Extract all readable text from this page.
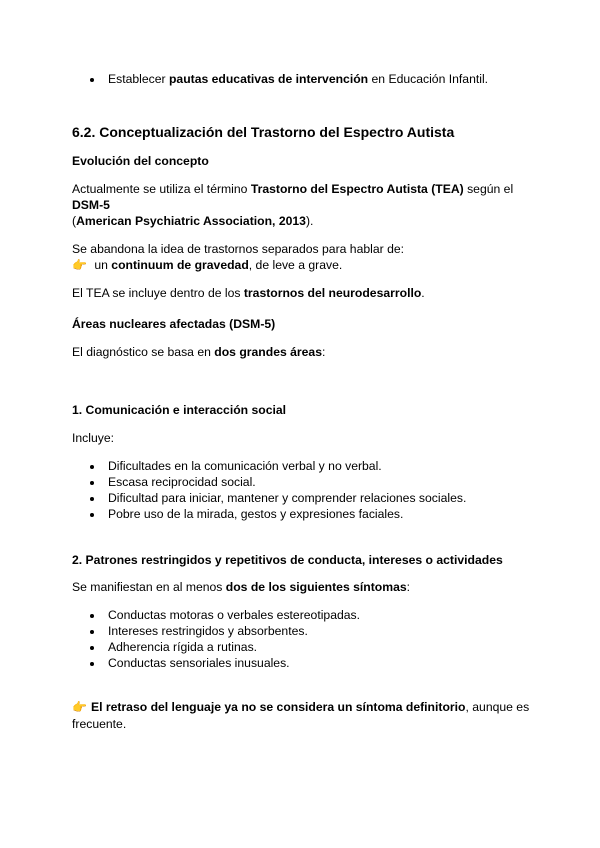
Establecer pautas educativas de intervención en Educación Infantil.
6.2. Conceptualización del Trastorno del Espectro Autista
Evolución del concepto
Actualmente se utiliza el término Trastorno del Espectro Autista (TEA) según el
DSM-5
(American Psychiatric Association, 2013).
Se abandona la idea de trastornos separados para hablar de:
👉 un continuum de gravedad, de leve a grave.
El TEA se incluye dentro de los trastornos del neurodesarrollo.
Áreas nucleares afectadas (DSM-5)
El diagnóstico se basa en dos grandes áreas:
1. Comunicación e interacción social
Incluye:
Dificultades en la comunicación verbal y no verbal.
Escasa reciprocidad social.
Dificultad para iniciar, mantener y comprender relaciones sociales.
Pobre uso de la mirada, gestos y expresiones faciales.
2. Patrones restringidos y repetitivos de conducta, intereses o actividades
Se manifiestan en al menos dos de los siguientes síntomas:
Conductas motoras o verbales estereotipadas.
Intereses restringidos y absorbentes.
Adherencia rígida a rutinas.
Conductas sensoriales inusuales.
👉 El retraso del lenguaje ya no se considera un síntoma definitorio, aunque es
frecuente.
